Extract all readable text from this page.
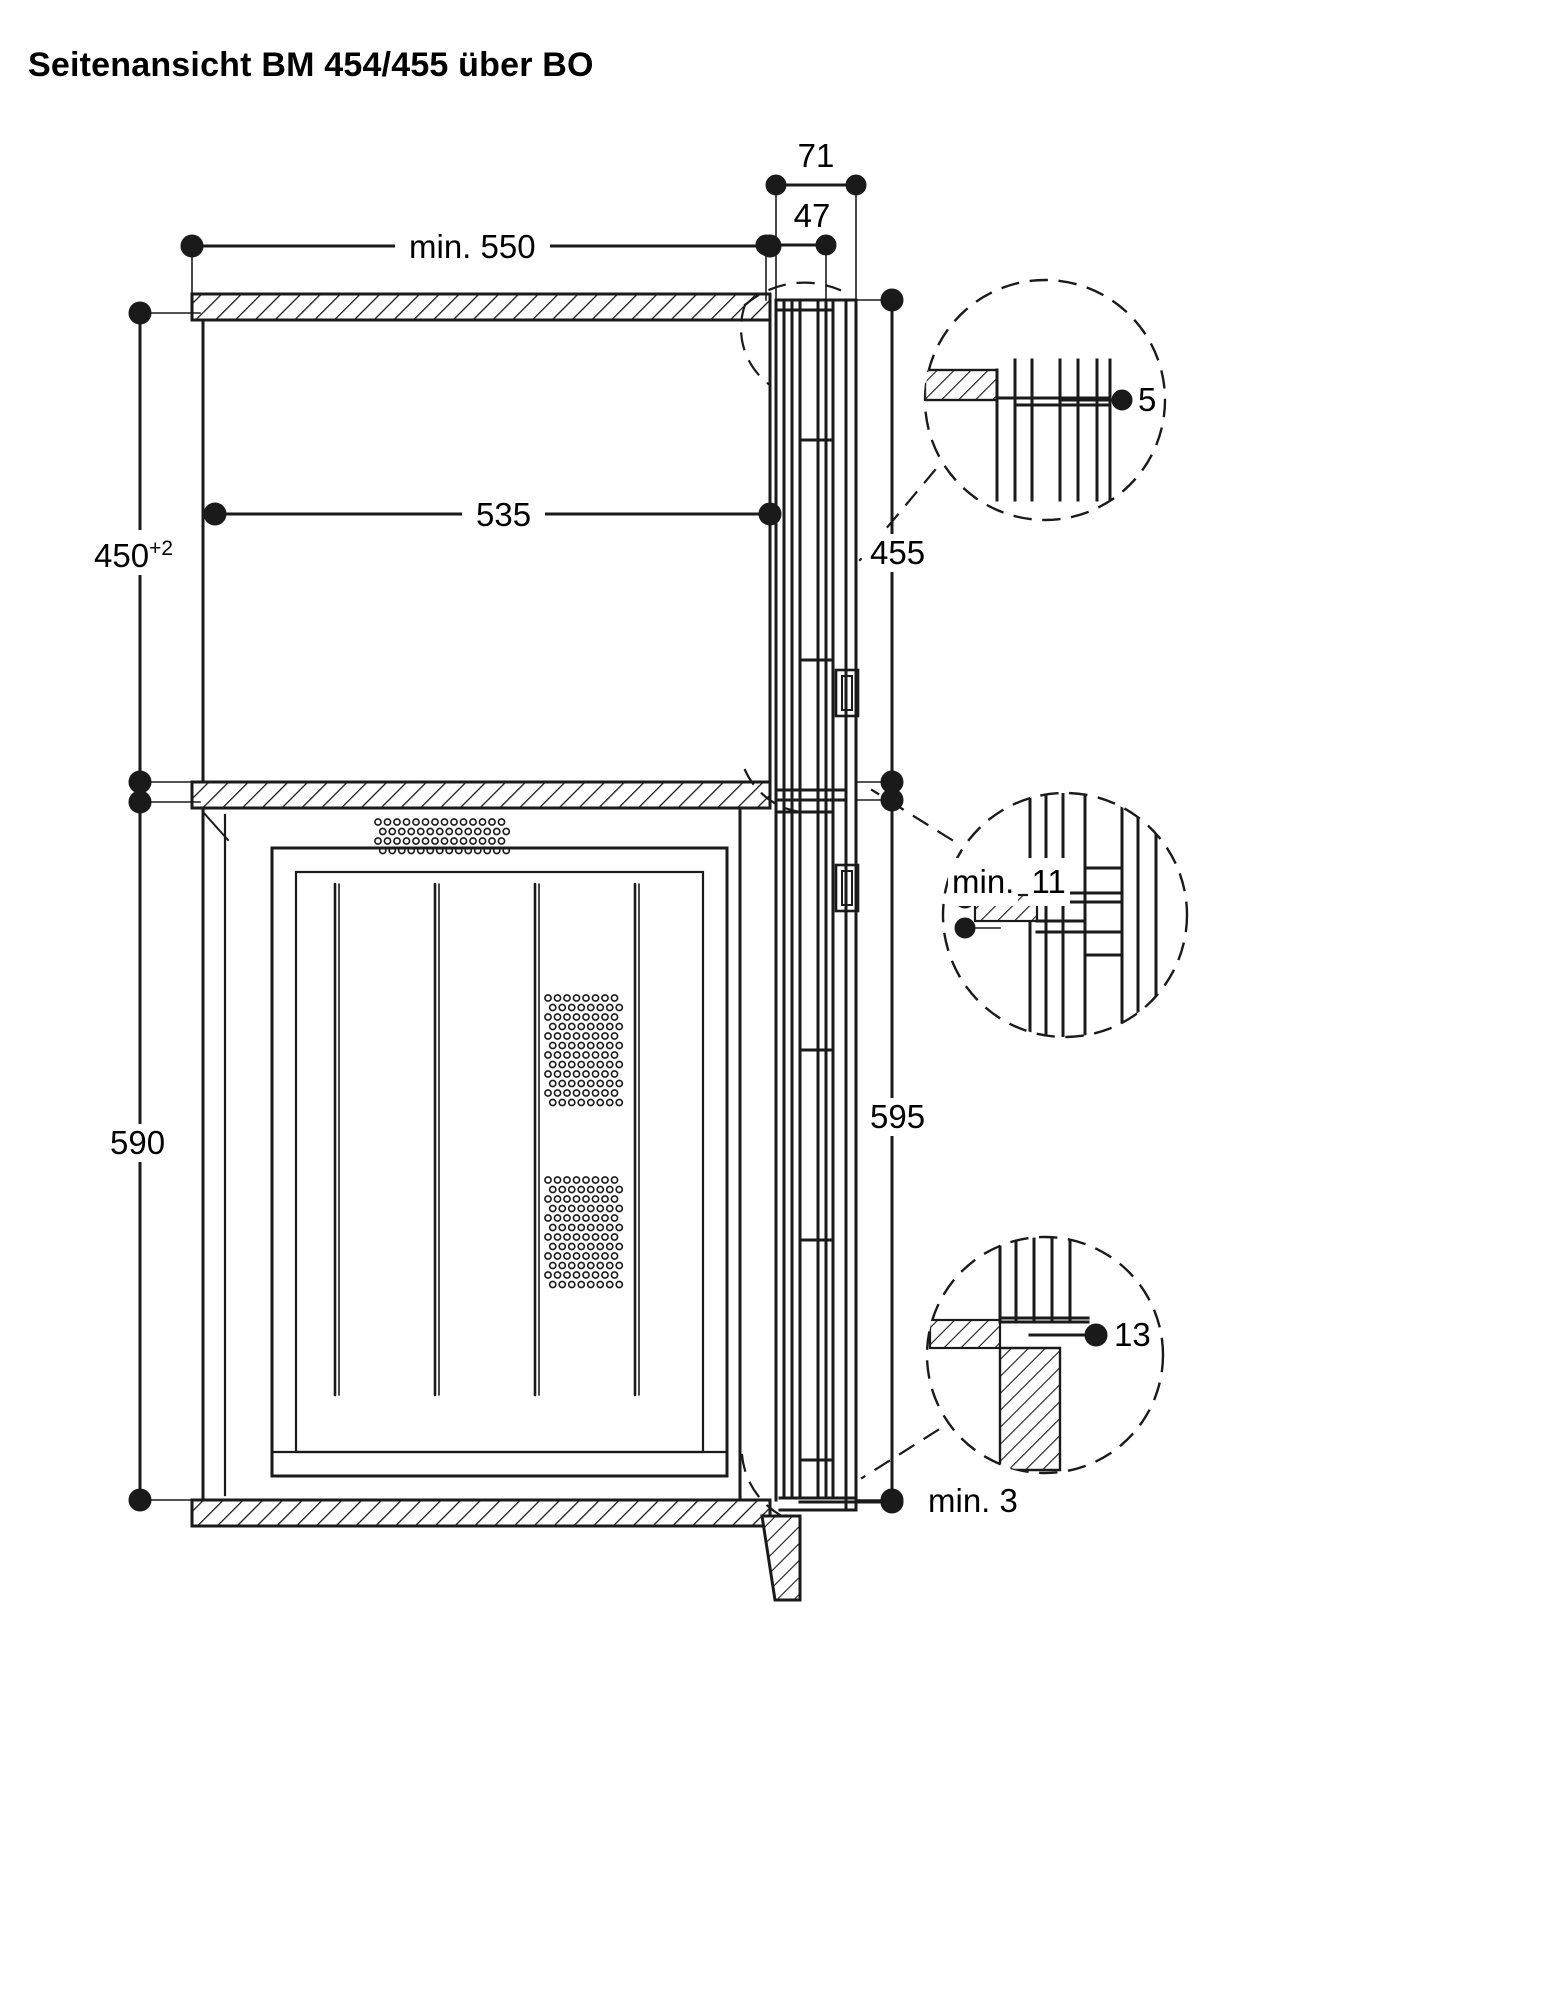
Seitenansicht BM 454/455 über BO
71
47
min. 550
535
$450^{+2}$
590
455
595
min. 3
5
min. 11
13
